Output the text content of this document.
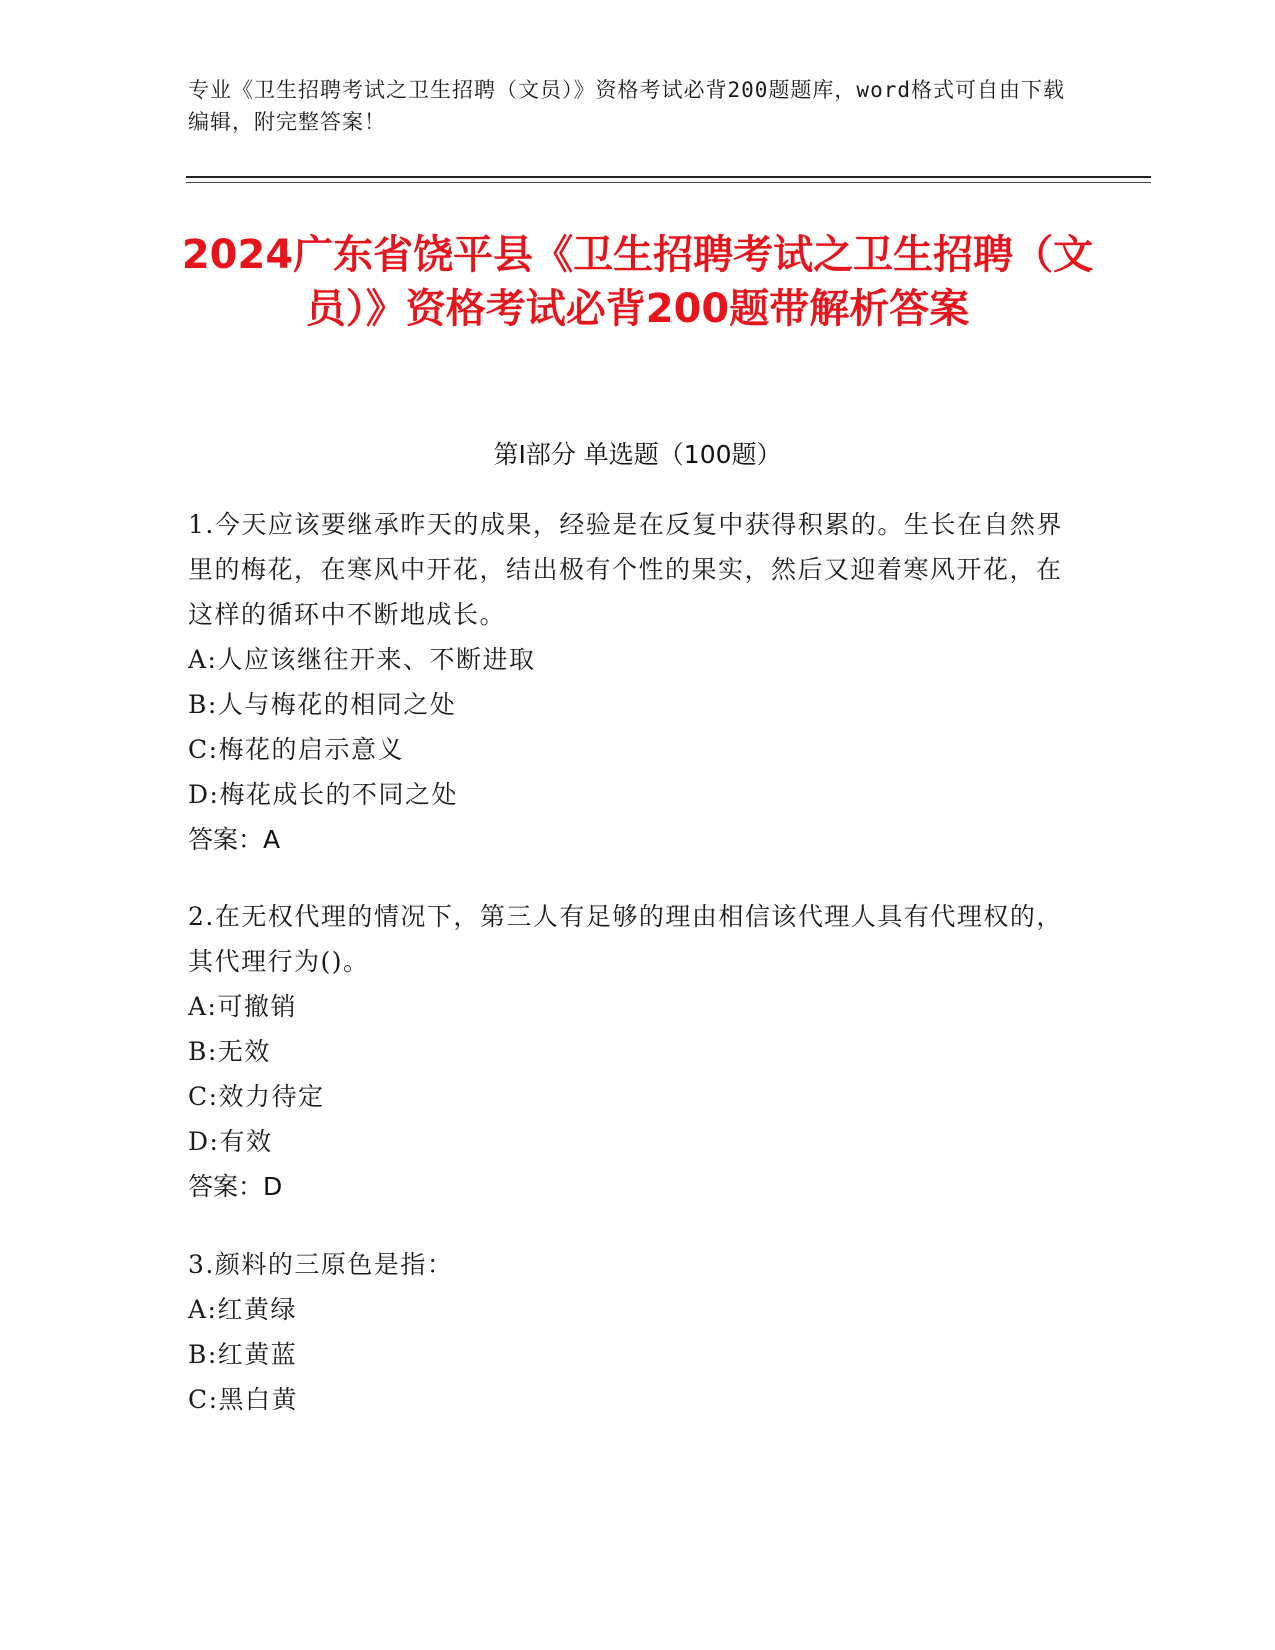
专业《卫生招聘考试之卫生招聘（文员）》资格考试必背200题题库，word格式可自由下载编辑，附完整答案！
2024广东省饶平县《卫生招聘考试之卫生招聘（文员）》资格考试必背200题带解析答案
第I部分 单选题（100题）
1.今天应该要继承昨天的成果，经验是在反复中获得积累的。生长在自然界里的梅花，在寒风中开花，结出极有个性的果实，然后又迎着寒风开花，在这样的循环中不断地成长。
A:人应该继往开来、不断进取
B:人与梅花的相同之处
C:梅花的启示意义
D:梅花成长的不同之处
答案：A
2.在无权代理的情况下，第三人有足够的理由相信该代理人具有代理权的，其代理行为()。
A:可撤销
B:无效
C:效力待定
D:有效
答案：D
3.颜料的三原色是指：
A:红黄绿
B:红黄蓝
C:黑白黄
